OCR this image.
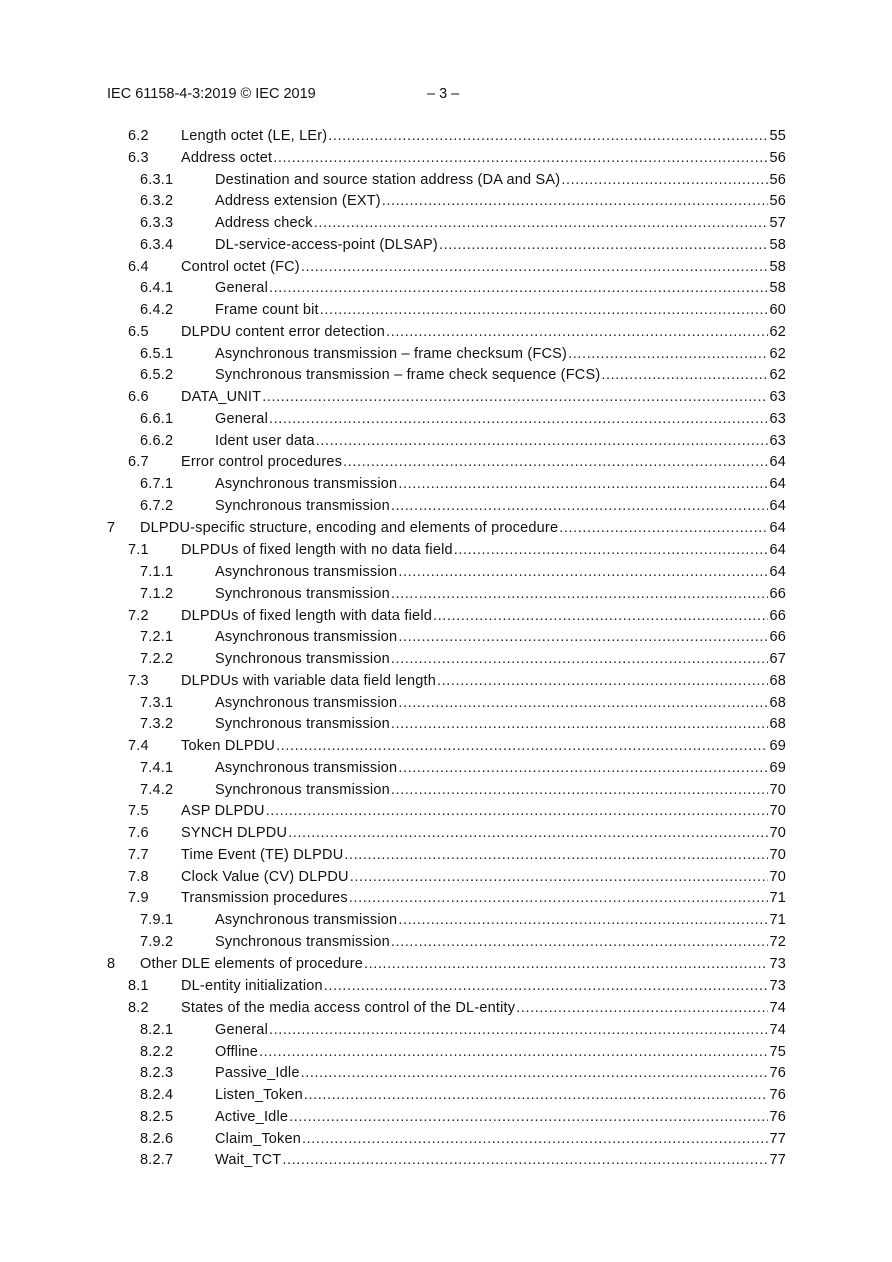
IEC 61158-4-3:2019 © IEC 2019	– 3 –
6.2 Length octet (LE, LEr) .....	55
6.3 Address octet .....	56
6.3.1	Destination and source station address (DA and SA) .....	56
6.3.2	Address extension (EXT) .....	56
6.3.3	Address check .....	57
6.3.4	DL-service-access-point (DLSAP) .....	58
6.4 Control octet (FC) .....	58
6.4.1	General .....	58
6.4.2	Frame count bit .....	60
6.5 DLPDU content error detection .....	62
6.5.1	Asynchronous transmission – frame checksum (FCS) .....	62
6.5.2	Synchronous transmission – frame check sequence (FCS) .....	62
6.6 DATA_UNIT .....	63
6.6.1	General .....	63
6.6.2	Ident user data .....	63
6.7 Error control procedures .....	64
6.7.1	Asynchronous transmission .....	64
6.7.2	Synchronous transmission .....	64
7 DLPDU-specific structure, encoding and elements of procedure .....	64
7.1 DLPDUs of fixed length with no data field .....	64
7.1.1	Asynchronous transmission .....	64
7.1.2	Synchronous transmission .....	66
7.2 DLPDUs of fixed length with data field .....	66
7.2.1	Asynchronous transmission .....	66
7.2.2	Synchronous transmission .....	67
7.3 DLPDUs with variable data field length .....	68
7.3.1	Asynchronous transmission .....	68
7.3.2	Synchronous transmission .....	68
7.4 Token DLPDU .....	69
7.4.1	Asynchronous transmission .....	69
7.4.2	Synchronous transmission .....	70
7.5 ASP DLPDU .....	70
7.6 SYNCH DLPDU .....	70
7.7 Time Event (TE) DLPDU .....	70
7.8 Clock Value (CV) DLPDU .....	70
7.9 Transmission procedures .....	71
7.9.1	Asynchronous transmission .....	71
7.9.2	Synchronous transmission .....	72
8 Other DLE elements of procedure .....	73
8.1 DL-entity initialization .....	73
8.2 States of the media access control of the DL-entity .....	74
8.2.1	General .....	74
8.2.2	Offline .....	75
8.2.3	Passive_Idle .....	76
8.2.4	Listen_Token .....	76
8.2.5	Active_Idle .....	76
8.2.6	Claim_Token .....	77
8.2.7	Wait_TCT .....	77
